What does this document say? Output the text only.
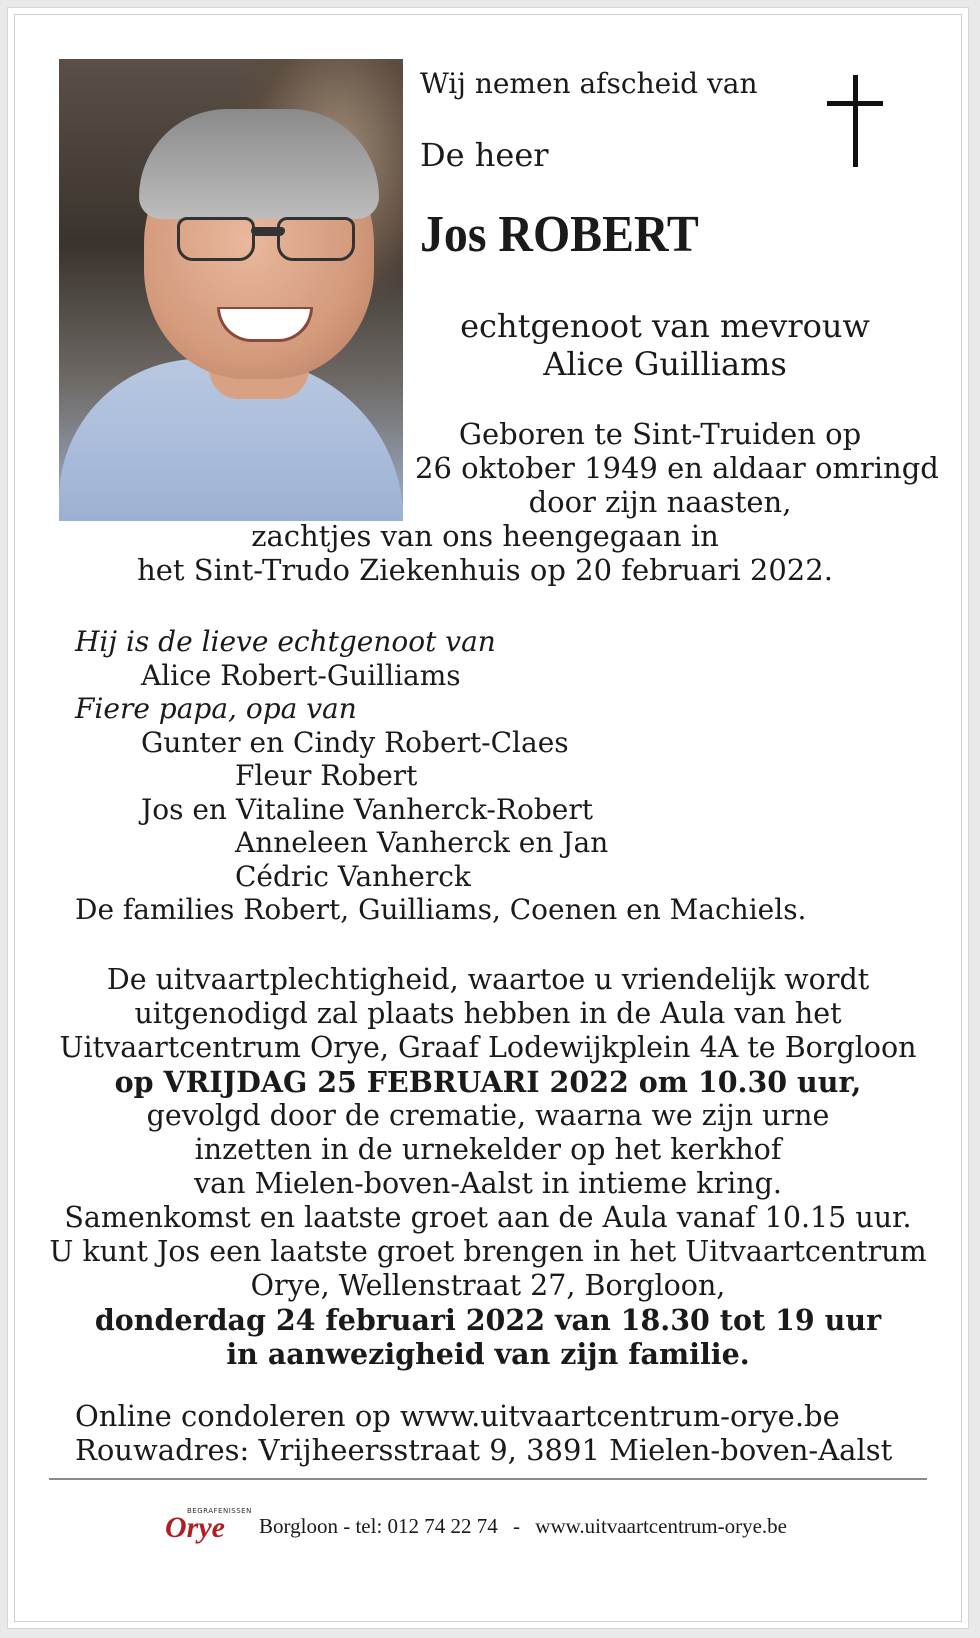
Wij nemen afscheid van
De heer
Jos ROBERT
echtgenoot van mevrouw
Alice Guilliams
Geboren te Sint-Truiden op
26 oktober 1949 en aldaar omringd
door zijn naasten,
zachtjes van ons heengegaan in
het Sint-Trudo Ziekenhuis op 20 februari 2022.
Hij is de lieve echtgenoot van
Alice Robert-Guilliams
Fiere papa, opa van
Gunter en Cindy Robert-Claes
Fleur Robert
Jos en Vitaline Vanherck-Robert
Anneleen Vanherck en Jan
Cédric Vanherck
De families Robert, Guilliams, Coenen en Machiels.
De uitvaartplechtigheid, waartoe u vriendelijk wordt
uitgenodigd zal plaats hebben in de Aula van het
Uitvaartcentrum Orye, Graaf Lodewijkplein 4A te Borgloon
op VRIJDAG 25 FEBRUARI 2022 om 10.30 uur,
gevolgd door de crematie, waarna we zijn urne
inzetten in de urnekelder op het kerkhof
van Mielen-boven-Aalst in intieme kring.
Samenkomst en laatste groet aan de Aula vanaf 10.15 uur.
U kunt Jos een laatste groet brengen in het Uitvaartcentrum
Orye, Wellenstraat 27, Borgloon,
donderdag 24 februari 2022 van 18.30 tot 19 uur
in aanwezigheid van zijn familie.
Online condoleren op www.uitvaartcentrum-orye.be
Rouwadres: Vrijheersstraat 9, 3891 Mielen-boven-Aalst
BEGRAFENISSEN
Orye Borgloon - tel: 012 74 22 74 - www.uitvaartcentrum-orye.be
